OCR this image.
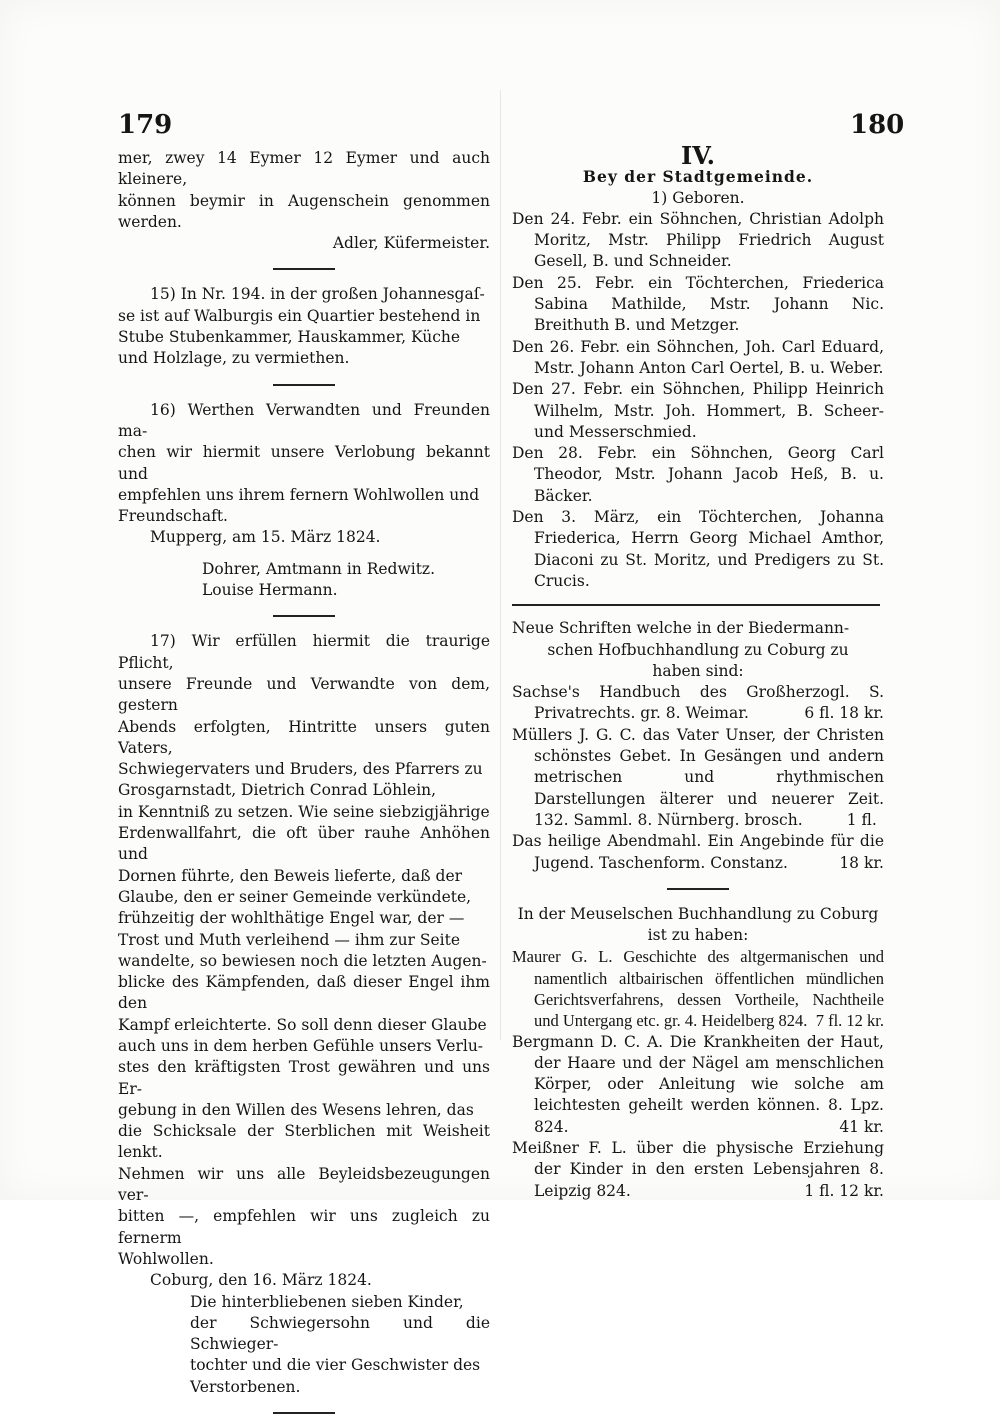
179	180

mer, zwey 14 Eymer 12 Eymer und auch kleinere,

können beymir in Augenschein genommen werden.

Adler, Küfermeister.

15) In Nr. 194. in der großen Johannesgaſ-

se ist auf Walburgis ein Quartier bestehend in

Stube Stubenkammer, Hauskammer, Küche

und Holzlage, zu vermiethen.

16) Werthen Verwandten und Freunden ma-

chen wir hiermit unsere Verlobung bekannt und

empfehlen uns ihrem fernern Wohlwollen und

Freundschaft.

Mupperg, am 15. März 1824.

Dohrer, Amtmann in Redwitz.

Louise Hermann.

17) Wir erfüllen hiermit die traurige Pflicht,

unsere Freunde und Verwandte von dem, gestern

Abends erfolgten, Hintritte unsers guten Vaters,

Schwiegervaters und Bruders, des Pfarrers zu

Grosgarnstadt, Dietrich Conrad Löhlein,

in Kenntniß zu setzen. Wie seine siebzigjährige

Erdenwallfahrt, die oft über rauhe Anhöhen und

Dornen führte, den Beweis lieferte, daß der

Glaube, den er seiner Gemeinde verkündete,

frühzeitig der wohlthätige Engel war, der —

Trost und Muth verleihend — ihm zur Seite

wandelte, so bewiesen noch die letzten Augen-

blicke des Kämpfenden, daß dieser Engel ihm den

Kampf erleichterte. So soll denn dieser Glaube

auch uns in dem herben Gefühle unsers Verlu-

stes den kräftigsten Trost gewähren und uns Er-

gebung in den Willen des Wesens lehren, das

die Schicksale der Sterblichen mit Weisheit lenkt.

Nehmen wir uns alle Beyleidsbezeugungen ver-

bitten —, empfehlen wir uns zugleich zu fernerm

Wohlwollen.

Coburg, den 16. März 1824.

Die hinterbliebenen sieben Kinder,

der Schwiegersohn und die Schwieger-

tochter und die vier Geschwister des

Verstorbenen.

IV.

Bey der Stadtgemeinde.

1) Geboren.

Den 24. Febr. ein Söhnchen, Christian Adolph Moritz, Mstr. Philipp Friedrich August Gesell, B. und Schneider.

Den 25. Febr. ein Töchterchen, Friederica Sabina Mathilde, Mstr. Johann Nic. Breithuth B. und Metzger.

Den 26. Febr. ein Söhnchen, Joh. Carl Eduard, Mstr. Johann Anton Carl Oertel, B. u. Weber.

Den 27. Febr. ein Söhnchen, Philipp Heinrich Wilhelm, Mstr. Joh. Hommert, B. Scheer- und Messerschmied.

Den 28. Febr. ein Söhnchen, Georg Carl Theodor, Mstr. Johann Jacob Heß, B. u. Bäcker.

Den 3. März, ein Töchterchen, Johanna Friederica, Herrn Georg Michael Amthor, Diaconi zu St. Moritz, und Predigers zu St. Crucis.

Neue Schriften welche in der Biedermann-

schen Hofbuchhandlung zu Coburg zu

haben sind:

Sachse's Handbuch des Großherzogl. S. Privatrechts. gr. 8. Weimar.	6 fl. 18 kr.

Müllers J. G. C. das Vater Unser, der Christen schönstes Gebet. In Gesängen und andern metrischen und rhythmischen Darstellungen älterer und neuerer Zeit. 132. Samml. 8. Nürnberg. brosch.	1 fl.

Das heilige Abendmahl. Ein Angebinde für die Jugend. Taschenform. Constanz.	18 kr.

In der Meuselschen Buchhandlung zu Coburg

ist zu haben:

Maurer G. L. Geschichte des altgermanischen und namentlich altbairischen öffentlichen mündlichen Gerichtsverfahrens, dessen Vortheile, Nachtheile und Untergang etc. gr. 4. Heidelberg 824. 7 fl. 12 kr.

Bergmann D. C. A. Die Krankheiten der Haut, der Haare und der Nägel am menschlichen Körper, oder Anleitung wie solche am leichtesten geheilt werden können. 8. Lpz. 824.	41 kr.

Meißner F. L. über die physische Erziehung der Kinder in den ersten Lebensjahren 8. Leipzig 824.	1 fl. 12 kr.
